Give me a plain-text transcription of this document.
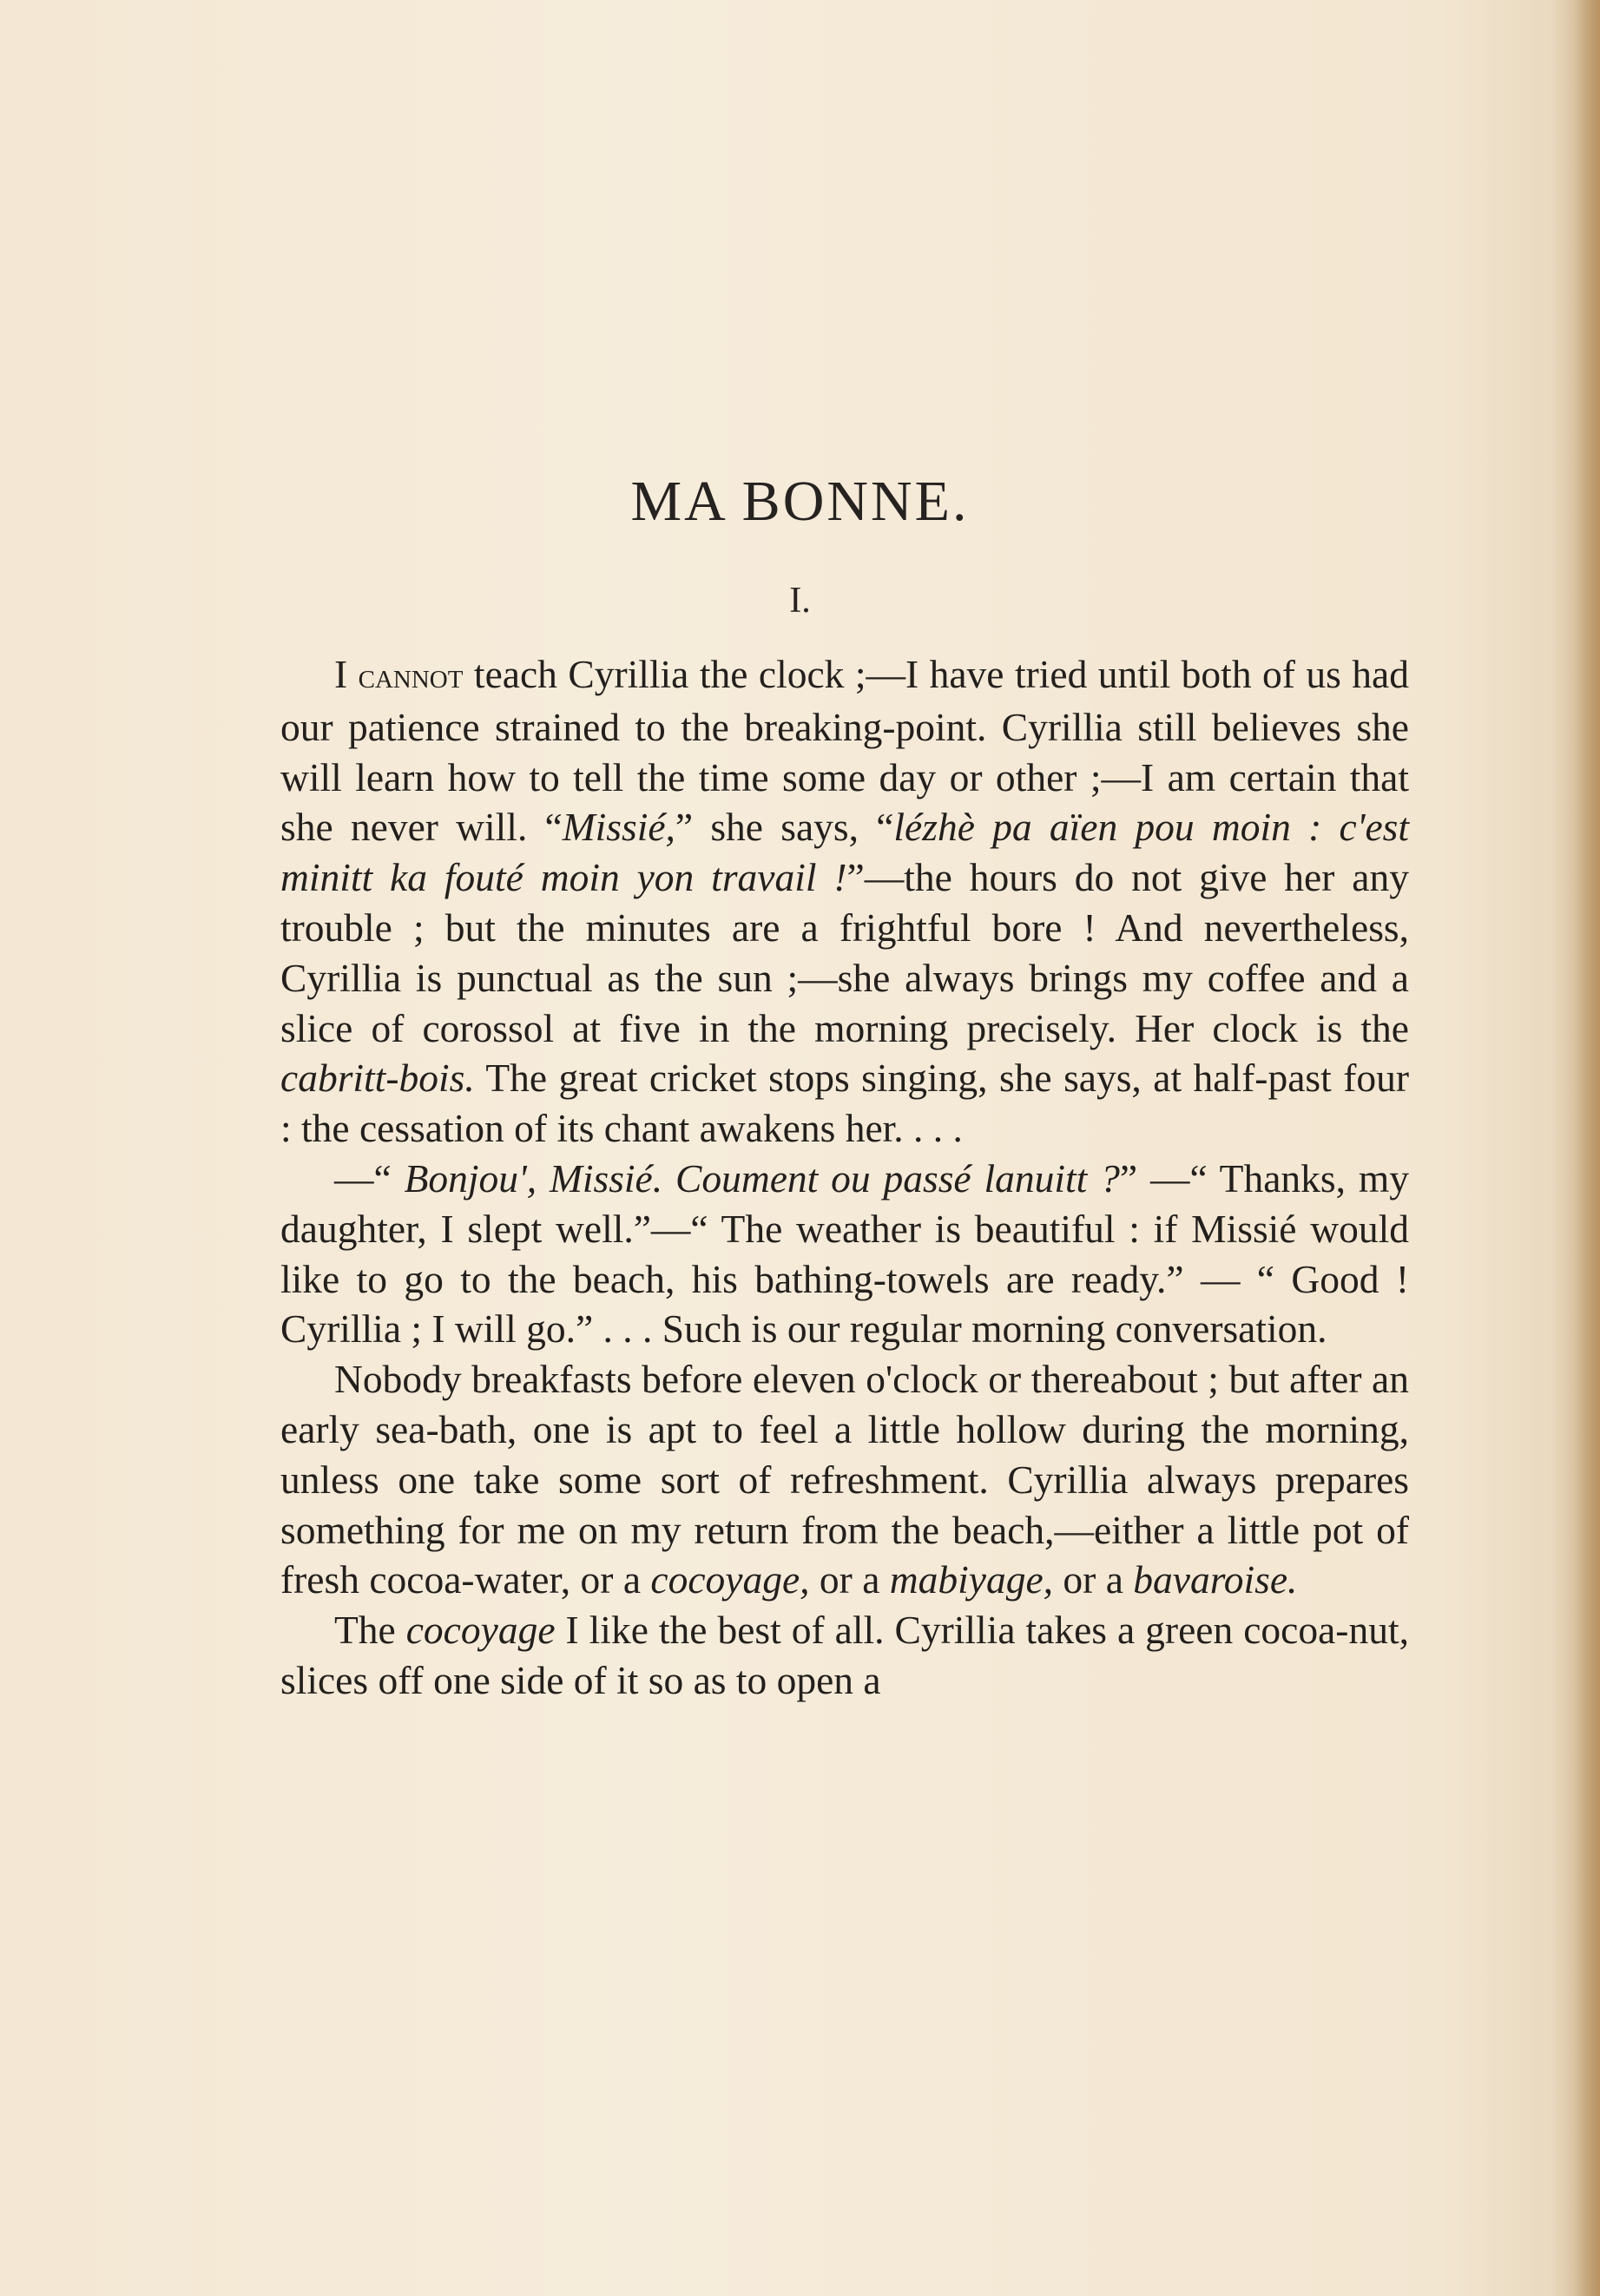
MA BONNE.
I.

I cannot teach Cyrillia the clock ;—I have tried until both of us had our patience strained to the breaking-point. Cyrillia still believes she will learn how to tell the time some day or other ;—I am certain that she never will. “Missié,” she says, “lézhè pa aïen pou moin : c'est minitt ka fouté moin yon travail !”—the hours do not give her any trouble ; but the minutes are a frightful bore ! And nevertheless, Cyrillia is punctual as the sun ;—she always brings my coffee and a slice of corossol at five in the morning precisely. Her clock is the cabritt-bois. The great cricket stops singing, she says, at half-past four : the cessation of its chant awakens her. . . .

—“ Bonjou', Missié. Coument ou passé lanuitt ?” —“ Thanks, my daughter, I slept well.”—“ The weather is beautiful : if Missié would like to go to the beach, his bathing-towels are ready.” — “ Good ! Cyrillia ; I will go.” . . . Such is our regular morning conversation.

Nobody breakfasts before eleven o'clock or thereabout ; but after an early sea-bath, one is apt to feel a little hollow during the morning, unless one take some sort of refreshment. Cyrillia always prepares something for me on my return from the beach,—either a little pot of fresh cocoa-water, or a cocoyage, or a mabiyage, or a bavaroise.

The cocoyage I like the best of all. Cyrillia takes a green cocoa-nut, slices off one side of it so as to open a
